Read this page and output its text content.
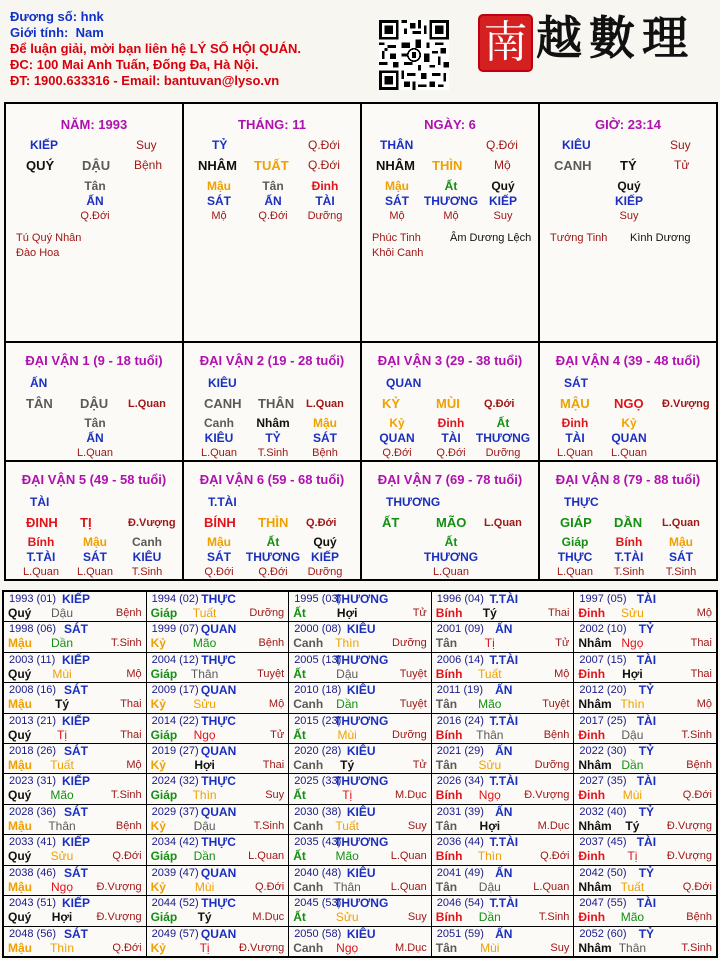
Đương số: hnk
Giới tính: Nam
Để luận giải, mời bạn liên hệ LÝ SỐ HỘI QUÁN.
ĐC: 100 Mai Anh Tuấn, Đống Đa, Hà Nội.
ĐT: 1900.633316 - Email: bantuvan@lyso.vn
南 越數理
NĂM: 1993
KIẾP	Suy
QUÝ DẬU Bệnh
Tân
ẤN
Q.Đới
Tú Quý Nhân
Đào Hoa
THÁNG: 11
TỶ	Q.Đới
NHÂM TUẤT Q.Đới
Mậu	Tân Đinh
SÁT	ẤN	TÀI
Mộ	Q.Đới Dưỡng
NGÀY: 6
THÂN	Q.Đới
NHÂM THÌN	Mộ
Mậu	Ất	Quý
SÁT THƯƠNG KIẾP
Mộ	Mộ	Suy
Phúc Tinh
Khôi Canh
Âm Dương Lệch
GIỜ: 23:14
KIÊU	Suy
CANH TÝ	Tử
Quý
KIẾP
Suy
Tướng Tinh Kình Dương
ĐẠI VẬN 1 (9 - 18 tuổi)
ẤN
TÂN DẬU L.Quan
Tân
ẤN
L.Quan
ĐẠI VẬN 2 (19 - 28 tuổi)
KIÊU
CANH THÂN L.Quan
Canh
KIÊU
L.Quan
Nhâm
TỶ
T.Sinh
Mậu
SÁT
Bệnh
ĐẠI VẬN 3 (29 - 38 tuổi)
QUAN
KỶ	MÙI Q.Đới
Kỷ
QUAN
Q.Đới
Đinh
TÀI
Q.Đới
Ất
THƯƠNG
Dưỡng
ĐẠI VẬN 4 (39 - 48 tuổi)
SÁT
MẬU NGỌ Đ.Vượng
Đinh
TÀI
L.Quan
Kỷ
QUAN
L.Quan
ĐẠI VẬN 5 (49 - 58 tuổi)
TÀI
ĐINH TỊ	Đ.Vượng
Bính
T.TÀI
L.Quan
Mậu
SÁT
L.Quan
Canh
KIÊU
T.Sinh
ĐẠI VẬN 6 (59 - 68 tuổi)
T.TÀI
BÍNH THÌN Q.Đới
Mậu
SÁT
Q.Đới
Ất
THƯƠNG
Q.Đới
Quý
KIẾP
Dưỡng
ĐẠI VẬN 7 (69 - 78 tuổi)
THƯƠNG
ẤT	MÃO L.Quan
Ất
THƯƠNG
L.Quan
ĐẠI VẬN 8 (79 - 88 tuổi)
THỰC
GIÁP DẦN L.Quan
Giáp
THỰC
L.Quan
Bính
T.TÀI
T.Sinh
Mậu
SÁT
T.Sinh
1993 (01) KIẾP
Quý Dậu	Bệnh
1994 (02) THỰC
Giáp Tuất	Dưỡng
1995 (03)
THƯƠNG
Ất	Hợi	Tử
1996 (04) T.TÀI
Bính Tý	Thai
1997 (05) TÀI
Đinh Sửu	Mộ
1998 (06) SÁT
Mậu Dần	T.Sinh
1999 (07) QUAN
Kỷ Mão	Bệnh
2000 (08) KIÊU
Canh Thìn	Dưỡng
2001 (09) ẤN
Tân Tị	Tử
2002 (10) TỶ
Nhâm Ngọ	Thai
2003 (11) KIẾP
Quý Mùi	Mộ
2004 (12) THỰC
Giáp Thân	Tuyệt
2005 (13)
THƯƠNG
Ất	Dậu	Tuyệt
2006 (14) T.TÀI
Bính Tuất	Mộ
2007 (15) TÀI
Đinh Hợi	Thai
2008 (16) SÁT
Mậu Tý	Thai
2009 (17) QUAN
Kỷ Sửu	Mộ
2010 (18) KIÊU
Canh Dần	Tuyệt
2011 (19) ẤN
Tân Mão	Tuyệt
2012 (20) TỶ
Nhâm Thìn	Mộ
2013 (21) KIẾP
Quý Tị	Thai
2014 (22) THỰC
Giáp Ngọ	Tử
2015 (23)
THƯƠNG
Ất	Mùi	Dưỡng
2016 (24) T.TÀI
Bính Thân	Bệnh
2017 (25) TÀI
Đinh Dậu	T.Sinh
2018 (26) SÁT
Mậu Tuất	Mộ
2019 (27) QUAN
Kỷ Hợi	Thai
2020 (28) KIÊU
Canh Tý	Tử
2021 (29) ẤN
Tân Sửu	Dưỡng
2022 (30) TỶ
Nhâm Dần	Bệnh
2023 (31) KIẾP
Quý Mão	T.Sinh
2024 (32) THỰC
Giáp Thìn	Suy
2025 (33)
THƯƠNG
Ất	Tị	M.Dục
2026 (34) T.TÀI
Bính Ngọ Đ.Vượng
2027 (35) TÀI
Đinh Mùi	Q.Đới
2028 (36) SÁT
Mậu Thân	Bệnh
2029 (37) QUAN
Kỷ Dậu	T.Sinh
2030 (38) KIÊU
Canh Tuất	Suy
2031 (39) ẤN
Tân Hợi	M.Dục
2032 (40) TỶ
Nhâm Tý Đ.Vượng
2033 (41) KIẾP
Quý Sửu	Q.Đới
2034 (42) THỰC
Giáp Dần	L.Quan
2035 (43)
THƯƠNG
Ất Mão	L.Quan
2036 (44) T.TÀI
Bính Thìn	Q.Đới
2037 (45) TÀI
Đinh Tị	Đ.Vượng
2038 (46) SÁT
Mậu Ngọ Đ.Vượng
2039 (47) QUAN
Kỷ Mùi	Q.Đới
2040 (48) KIÊU
Canh Thân	L.Quan
2041 (49) ẤN
Tân Dậu	L.Quan
2042 (50) TỶ
Nhâm Tuất	Q.Đới
2043 (51) KIẾP
Quý Hợi Đ.Vượng
2044 (52) THỰC
Giáp Tý	M.Dục
2045 (53)
THƯƠNG
Ất Sửu	Suy
2046 (54) T.TÀI
Bính Dần	T.Sinh
2047 (55) TÀI
Đinh Mão	Bệnh
2048 (56) SÁT
Mậu Thìn	Q.Đới
2049 (57) QUAN
Kỷ	Tị	Đ.Vượng
2050 (58) KIÊU
Canh Ngọ	M.Dục
2051 (59) ẤN
Tân Mùi	Suy
2052 (60) TỶ
Nhâm Thân	T.Sinh
